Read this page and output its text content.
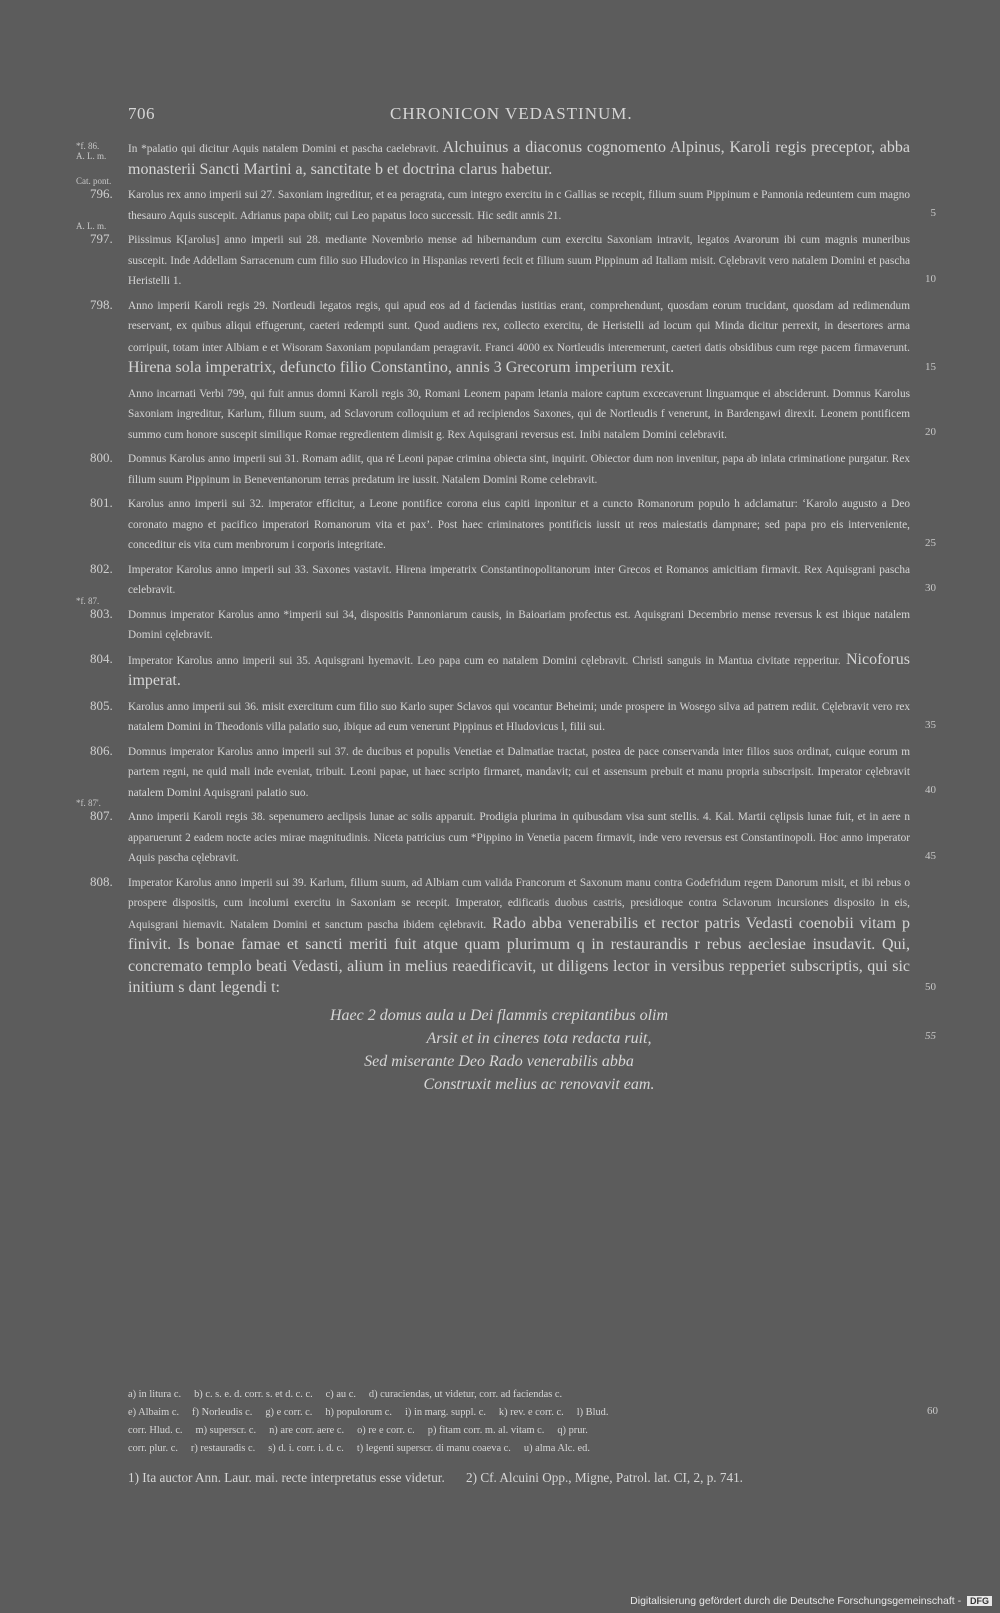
706	CHRONICON VEDASTINUM.
*f. 86.
A. L. m.
In *palatio qui dicitur Aquis natalem Domini et pascha caelebravit. Alchuinus a diaconus cognomento Alpinus, Karoli regis preceptor, abba monasterii Sancti Martini a, sanctitate b et doctrina clarus habetur.
796.
Cat. pont.
Karolus rex anno imperii sui 27. Saxoniam ingreditur, et ea peragrata, cum integro exercitu in c Gallias se recepit, filium suum Pippinum e Pannonia redeuntem cum magno thesauro Aquis suscepit. Adrianus papa obiit; cui Leo papatus loco successit. Hic sedit annis 21.	5
797.
A. L. m.
Piissimus K[arolus] anno imperii sui 28. mediante Novembrio mense ad hibernandum cum exercitu Saxoniam intravit, legatos Avarorum ibi cum magnis muneribus suscepit. Inde Addellam Sarracenum cum filio suo Hludovico in Hispanias reverti fecit et filium suum Pippinum ad Italiam misit. Cęlebravit vero natalem Domini et pascha Heristelli 1.	10
798. Anno imperii Karoli regis 29. Nortleudi legatos regis, qui apud eos ad d faciendas iustitias erant, comprehendunt, quosdam eorum trucidant, quosdam ad redimendum reservant, ex quibus aliqui effugerunt, caeteri redempti sunt. Quod audiens rex, collecto exercitu, de Heristelli ad locum qui Minda dicitur perrexit, in desertores arma corripuit, totam inter Albiam e et Wisoram Saxoniam populandam peragravit. Franci 4000 ex Nortleudis interemerunt, caeteri datis obsidibus cum rege pacem firmaverunt. Hirena sola imperatrix, defuncto filio Constantino, annis 3 Grecorum imperium rexit.	15
Anno incarnati Verbi 799, qui fuit annus domni Karoli regis 30, Romani Leonem papam letania maiore captum excecaverunt linguamque ei absciderunt. Domnus Karolus Saxoniam ingreditur, Karlum, filium suum, ad Sclavorum colloquium et ad recipiendos Saxones, qui de Nortleudis f venerunt, in Bardengawi direxit. Leonem pontificem summo cum honore suscepit similique Romae regredientem dimisit g. Rex Aquisgrani reversus est. Inibi natalem Domini celebravit.	20
800. Domnus Karolus anno imperii sui 31. Romam adiit, qua ré Leoni papae crimina obiecta sint, inquirit. Obiector dum non invenitur, papa ab inlata criminatione purgatur. Rex filium suum Pippinum in Beneventanorum terras predatum ire iussit. Natalem Domini Rome celebravit.
801. Karolus anno imperii sui 32. imperator efficitur, a Leone pontifice corona eius capiti inponitur et a cuncto Romanorum populo h adclamatur: ‘Karolo augusto a Deo coronato magno et pacifico imperatori Romanorum vita et pax’. Post haec criminatores pontificis iussit ut reos maiestatis dampnare; sed papa pro eis interveniente, conceditur eis vita cum menbrorum i corporis integritate.	25
802. Imperator Karolus anno imperii sui 33. Saxones vastavit. Hirena imperatrix Constantinopolitanorum inter Grecos et Romanos amicitiam firmavit. Rex Aquisgrani pascha celebravit.	30
803.
*f. 87.
Domnus imperator Karolus anno *imperii sui 34, dispositis Pannoniarum causis, in Baioariam profectus est. Aquisgrani Decembrio mense reversus k est ibique natalem Domini cęlebravit.
804. Imperator Karolus anno imperii sui 35. Aquisgrani hyemavit. Leo papa cum eo natalem Domini cęlebravit. Christi sanguis in Mantua civitate repperitur. Nicoforus imperat.
805. Karolus anno imperii sui 36. misit exercitum cum filio suo Karlo super Sclavos qui vocantur Beheimi; unde prospere in Wosego silva ad patrem rediit. Cęlebravit vero rex natalem Domini in Theodonis villa palatio suo, ibique ad eum venerunt Pippinus et Hludovicus l, filii sui.	35
806. Domnus imperator Karolus anno imperii sui 37. de ducibus et populis Venetiae et Dalmatiae tractat, postea de pace conservanda inter filios suos ordinat, cuique eorum m partem regni, ne quid mali inde eveniat, tribuit. Leoni papae, ut haec scripto firmaret, mandavit; cui et assensum prebuit et manu propria subscripsit. Imperator cęlebravit natalem Domini Aquisgrani palatio suo.	40
807.
*f. 87'.
Anno imperii Karoli regis 38. sepenumero aeclipsis lunae ac solis apparuit. Prodigia plurima in quibusdam visa sunt stellis. 4. Kal. Martii cęlipsis lunae fuit, et in aere n apparuerunt 2 eadem nocte acies mirae magnitudinis. Niceta patricius cum *Pippino in Venetia pacem firmavit, inde vero reversus est Constantinopoli. Hoc anno imperator Aquis pascha cęlebravit.	45
808. Imperator Karolus anno imperii sui 39. Karlum, filium suum, ad Albiam cum valida Francorum et Saxonum manu contra Godefridum regem Danorum misit, et ibi rebus o prospere dispositis, cum incolumi exercitu in Saxoniam se recepit. Imperator, edificatis duobus castris, presidioque contra Sclavorum incursiones disposito in eis, Aquisgrani hiemavit. Natalem Domini et sanctum pascha ibidem cęlebravit. Rado abba venerabilis et rector patris Vedasti coenobii vitam p finivit. Is bonae famae et sancti meriti fuit atque quam plurimum q in restaurandis r rebus aeclesiae insudavit. Qui, concremato templo beati Vedasti, alium in melius reaedificavit, ut diligens lector in versibus repperiet subscriptis, qui sic initium s dant legendi t:	50
Haec 2 domus aula u Dei flammis crepitantibus olim
Arsit et in cineres tota redacta ruit,
Sed miserante Deo Rado venerabilis abba
Construxit melius ac renovavit eam.
55
60
a) in litura c.     b) c. s. e. d. corr. s. et d. c. c.     c) au c.     d) curaciendas, ut videtur, corr. ad faciendas c.
e) Albaim c.     f) Norleudis c.     g) e corr. c.     h) populorum c.     i) in marg. suppl. c.     k) rev. e corr. c.     l) Blud.
corr. Hlud. c.     m) superscr. c.     n) are corr. aere c.     o) re e corr. c.     p) fitam corr. m. al. vitam c.     q) prur.
corr. plur. c.     r) restauradis c.     s) d. i. corr. i. d. c.     t) legenti superscr. di manu coaeva c.     u) alma Alc. ed.
1) Ita auctor Ann. Laur. mai. recte interpretatus esse videtur. 2) Cf. Alcuini Opp., Migne, Patrol. lat. CI, 2, p. 741.
Digitalisierung gefördert durch die Deutsche Forschungsgemeinschaft - DFG
